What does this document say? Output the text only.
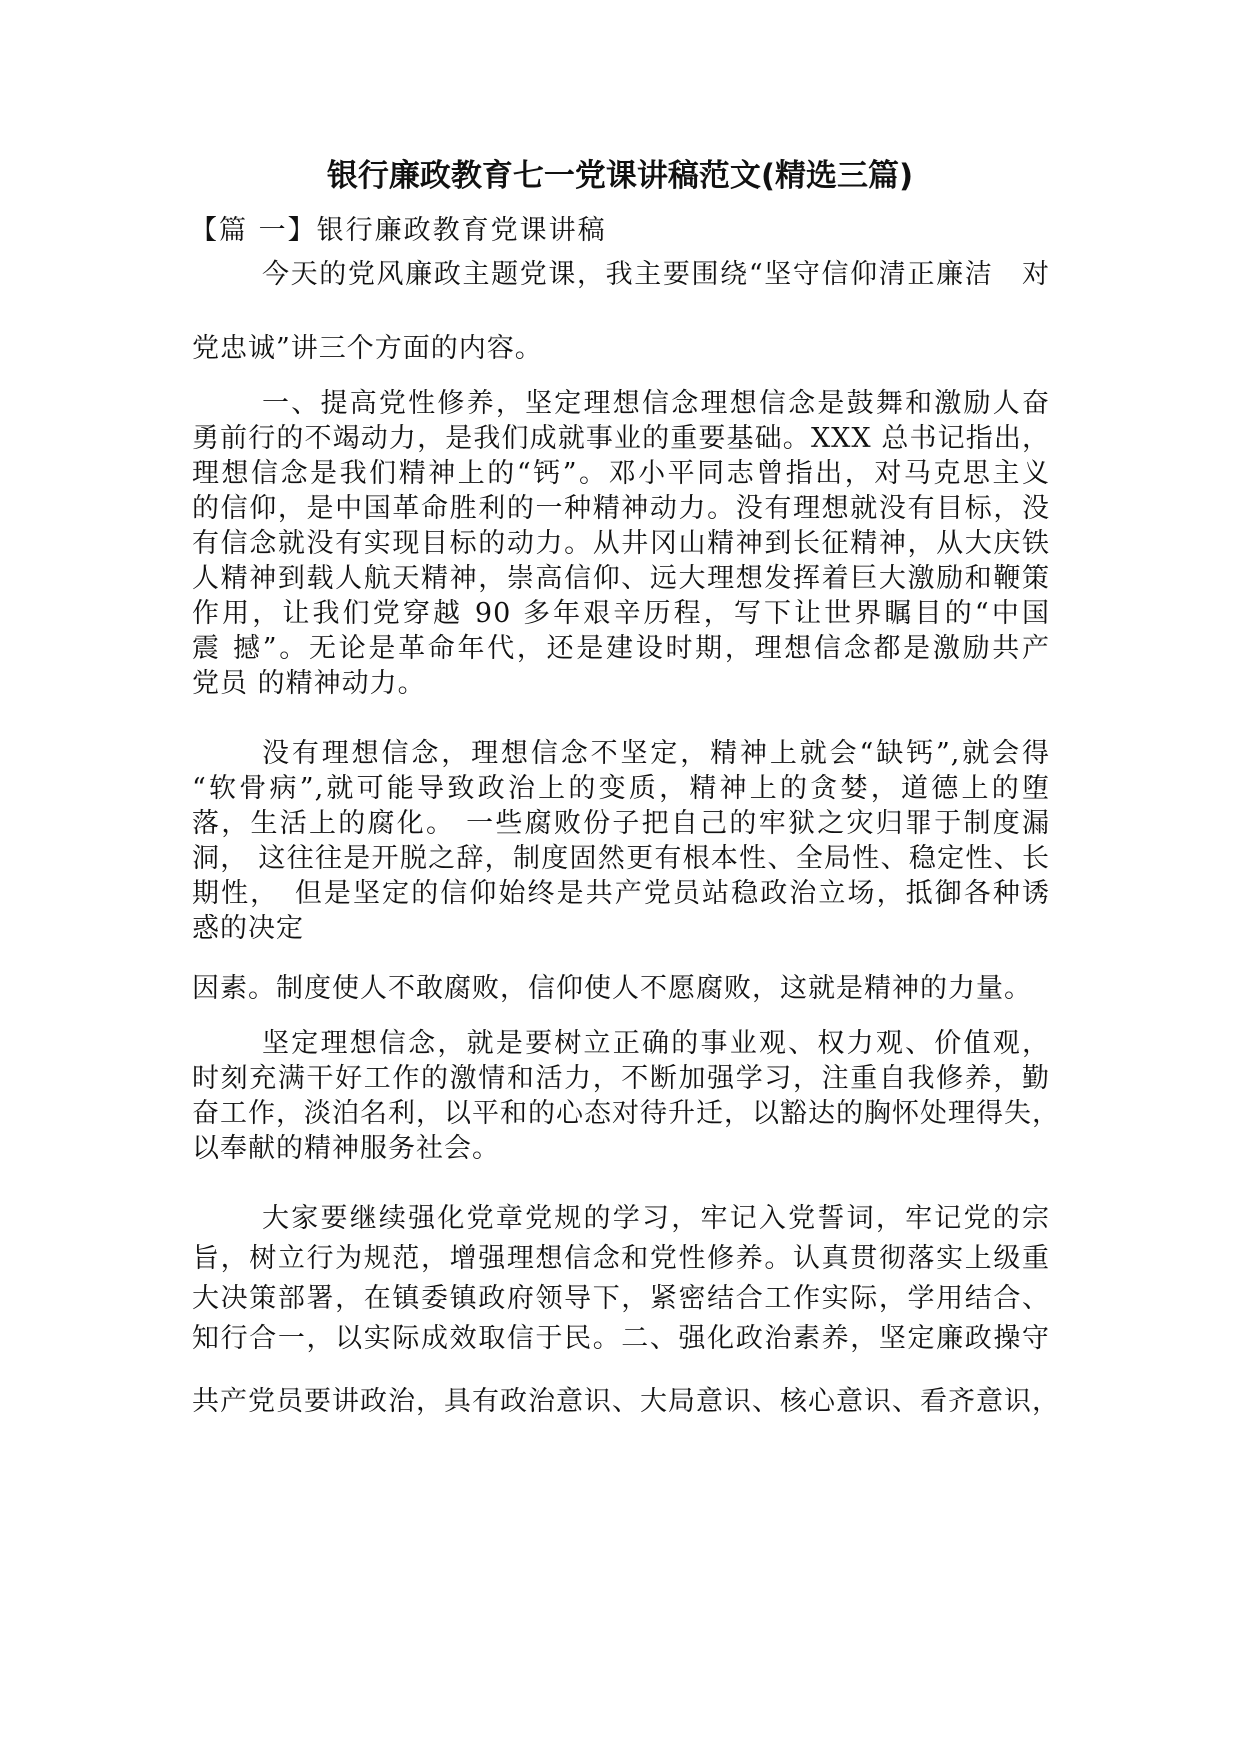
银行廉政教育七一党课讲稿范文(精选三篇)
【篇 一】银行廉政教育党课讲稿
今天的党风廉政主题党课，我主要围绕“坚守信仰清正廉洁　对
党忠诚”讲三个方面的内容。
一、提高党性修养，坚定理想信念理想信念是鼓舞和激励人奋
勇前行的不竭动力，是我们成就事业的重要基础。XXX 总书记指出，
理想信念是我们精神上的“钙”。邓小平同志曾指出，对马克思主义
的信仰，是中国革命胜利的一种精神动力。没有理想就没有目标，没
有信念就没有实现目标的动力。从井冈山精神到长征精神，从大庆铁
人精神到载人航天精神，崇高信仰、远大理想发挥着巨大激励和鞭策
作用，让我们党穿越 90 多年艰辛历程，写下让世界瞩目的“中国
震 撼”。无论是革命年代，还是建设时期，理想信念都是激励共产
党员 的精神动力。
没有理想信念，理想信念不坚定，精神上就会“缺钙”,就会得
“软骨病”,就可能导致政治上的变质，精神上的贪婪，道德上的堕
落，生活上的腐化。 一些腐败份子把自己的牢狱之灾归罪于制度漏
洞， 这往往是开脱之辞，制度固然更有根本性、全局性、稳定性、长
期性，　但是坚定的信仰始终是共产党员站稳政治立场，抵御各种诱
惑的决定
因素。制度使人不敢腐败，信仰使人不愿腐败，这就是精神的力量。
坚定理想信念，就是要树立正确的事业观、权力观、价值观，
时刻充满干好工作的激情和活力，不断加强学习，注重自我修养，勤
奋工作，淡泊名利，以平和的心态对待升迁，以豁达的胸怀处理得失，
以奉献的精神服务社会。
大家要继续强化党章党规的学习，牢记入党誓词，牢记党的宗
旨，树立行为规范，增强理想信念和党性修养。认真贯彻落实上级重
大决策部署，在镇委镇政府领导下，紧密结合工作实际，学用结合、
知行合一，以实际成效取信于民。二、强化政治素养，坚定廉政操守
共产党员要讲政治，具有政治意识、大局意识、核心意识、看齐意识，
